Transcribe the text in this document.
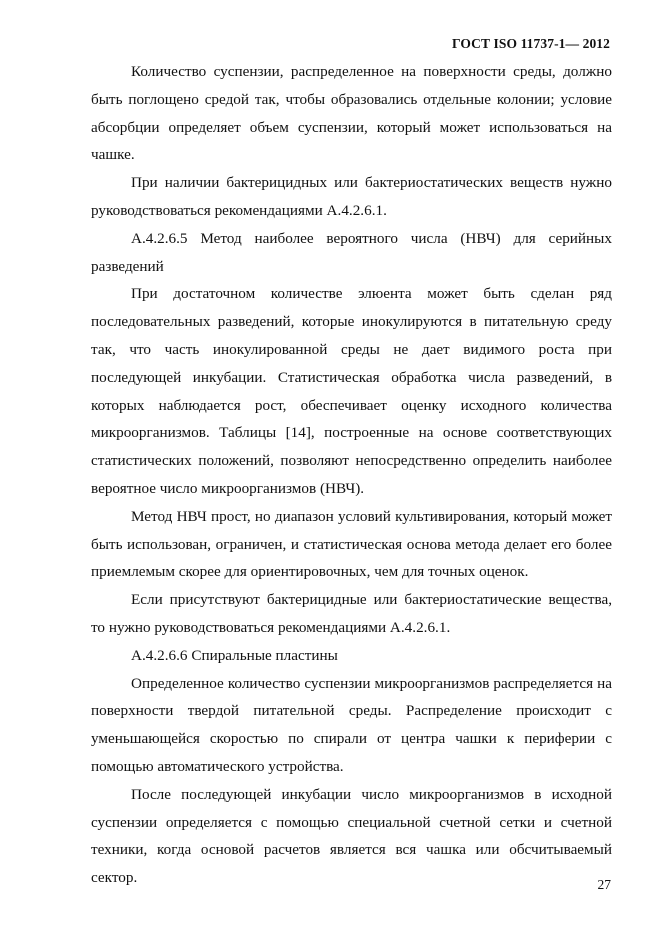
ГОСТ ISO 11737-1— 2012

Количество суспензии, распределенное на поверхности среды, должно быть поглощено средой так, чтобы образовались отдельные колонии; условие абсорбции определяет объем суспензии, который может использоваться на чашке.

При наличии бактерицидных или бактериостатических веществ нужно руководствоваться рекомендациями А.4.2.6.1.

А.4.2.6.5 Метод наиболее вероятного числа (НВЧ) для серийных разведений

При достаточном количестве элюента может быть сделан ряд последовательных разведений, которые инокулируются в питательную среду так, что часть инокулированной среды не дает видимого роста при последующей инкубации. Статистическая обработка числа разведений, в которых наблюдается рост, обеспечивает оценку исходного количества микроорганизмов. Таблицы [14], построенные на основе соответствующих статистических положений, позволяют непосредственно определить наиболее вероятное число микроорганизмов (НВЧ).

Метод НВЧ прост, но диапазон условий культивирования, который может быть использован, ограничен, и статистическая основа метода делает его более приемлемым скорее для ориентировочных, чем для точных оценок.

Если присутствуют бактерицидные или бактериостатические вещества, то нужно руководствоваться рекомендациями А.4.2.6.1.

А.4.2.6.6 Спиральные пластины

Определенное количество суспензии микроорганизмов распределяется на поверхности твердой питательной среды. Распределение происходит с уменьшающейся скоростью по спирали от центра чашки к периферии с помощью автоматического устройства.

После последующей инкубации число микроорганизмов в исходной суспензии определяется с помощью специальной счетной сетки и счетной техники, когда основой расчетов является вся чашка или обсчитываемый сектор.	27
